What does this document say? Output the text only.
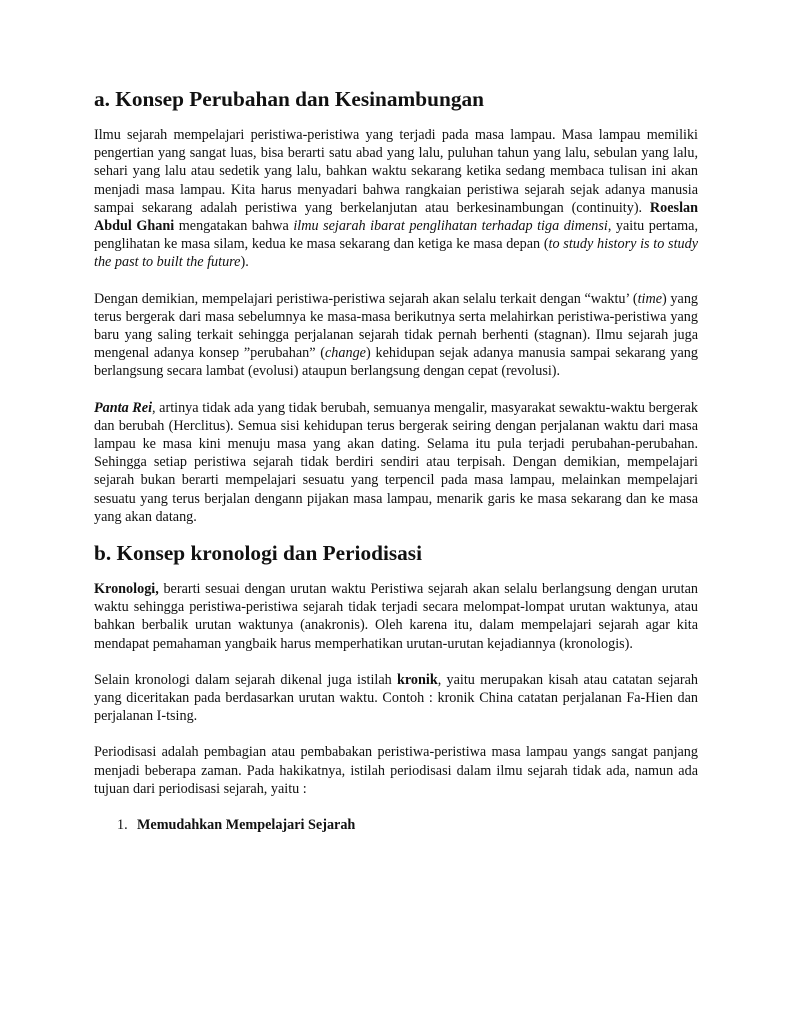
a. Konsep Perubahan dan Kesinambungan

Ilmu sejarah mempelajari peristiwa-peristiwa yang terjadi pada masa lampau. Masa lampau memiliki pengertian yang sangat luas, bisa berarti satu abad yang lalu, puluhan tahun yang lalu, sebulan yang lalu, sehari yang lalu atau sedetik yang lalu, bahkan waktu sekarang ketika sedang membaca tulisan ini akan menjadi masa lampau. Kita harus menyadari bahwa rangkaian peristiwa sejarah sejak adanya manusia sampai sekarang adalah peristiwa yang berkelanjutan atau berkesinambungan (continuity). Roeslan Abdul Ghani mengatakan bahwa ilmu sejarah ibarat penglihatan terhadap tiga dimensi, yaitu pertama, penglihatan ke masa silam, kedua ke masa sekarang dan ketiga ke masa depan (to study history is to study the past to built the future).

Dengan demikian, mempelajari peristiwa-peristiwa sejarah akan selalu terkait dengan “waktu’ (time) yang terus bergerak dari masa sebelumnya ke masa-masa berikutnya serta melahirkan peristiwa-peristiwa yang baru yang saling terkait sehingga perjalanan sejarah tidak pernah berhenti (stagnan). Ilmu sejarah juga mengenal adanya konsep ”perubahan” (change) kehidupan sejak adanya manusia sampai sekarang yang berlangsung secara lambat (evolusi) ataupun berlangsung dengan cepat (revolusi).

Panta Rei, artinya tidak ada yang tidak berubah, semuanya mengalir, masyarakat sewaktu-waktu bergerak dan berubah (Herclitus). Semua sisi kehidupan terus bergerak seiring dengan perjalanan waktu dari masa lampau ke masa kini menuju masa yang akan dating. Selama itu pula terjadi perubahan-perubahan. Sehingga setiap peristiwa sejarah tidak berdiri sendiri atau terpisah. Dengan demikian, mempelajari sejarah bukan berarti mempelajari sesuatu yang terpencil pada masa lampau, melainkan mempelajari sesuatu yang terus berjalan dengann pijakan masa lampau, menarik garis ke masa sekarang dan ke masa yang akan datang.

b. Konsep kronologi dan Periodisasi

Kronologi, berarti sesuai dengan urutan waktu Peristiwa sejarah akan selalu berlangsung dengan urutan waktu sehingga peristiwa-peristiwa sejarah tidak terjadi secara melompat-lompat urutan waktunya, atau bahkan berbalik urutan waktunya (anakronis). Oleh karena itu, dalam mempelajari sejarah agar kita mendapat pemahaman yangbaik harus memperhatikan urutan-urutan kejadiannya (kronologis).

Selain kronologi dalam sejarah dikenal juga istilah kronik, yaitu merupakan kisah atau catatan sejarah yang diceritakan pada berdasarkan urutan waktu. Contoh : kronik China catatan perjalanan Fa-Hien dan perjalanan I-tsing.

Periodisasi adalah pembagian atau pembabakan peristiwa-peristiwa masa lampau yangs sangat panjang menjadi beberapa zaman. Pada hakikatnya, istilah periodisasi dalam ilmu sejarah tidak ada, namun ada tujuan dari periodisasi sejarah, yaitu :

1. Memudahkan Mempelajari Sejarah
